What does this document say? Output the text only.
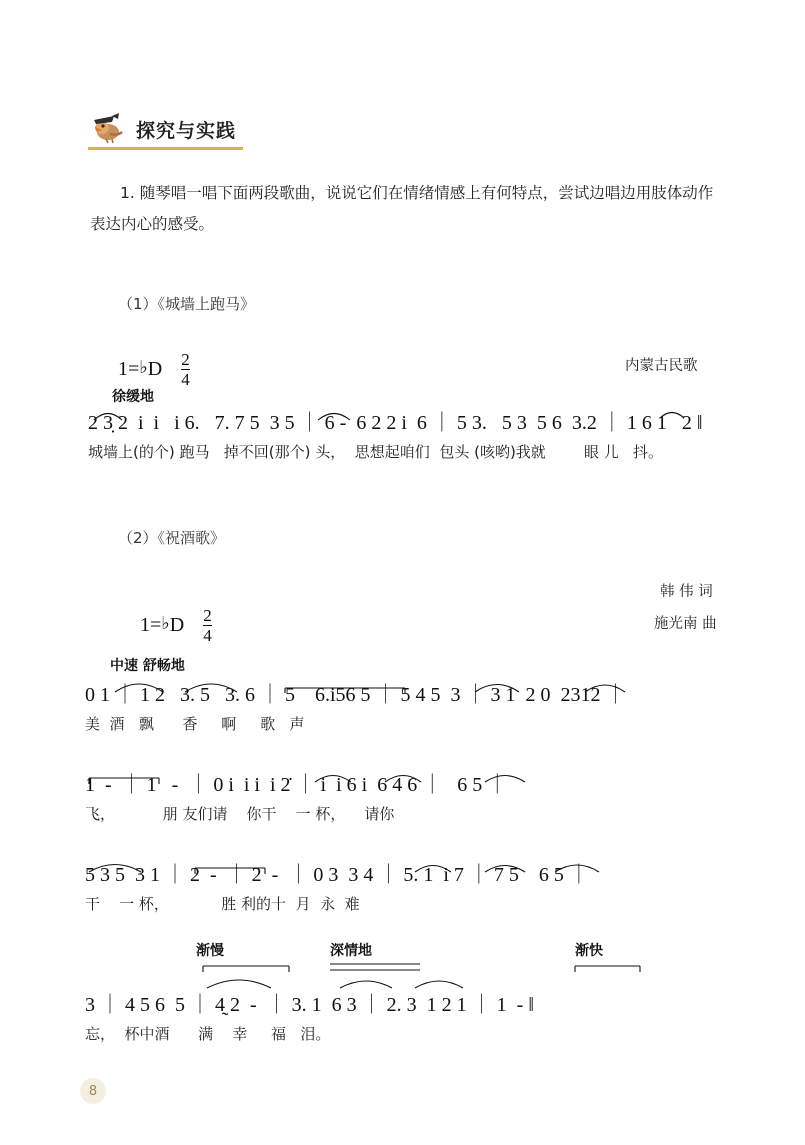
探究与实践
1. 随琴唱一唱下面两段歌曲，说说它们在情绪情感上有何特点，尝试边唱边用肢体动作表达内心的感受。
（1）《城墙上跑马》
1=♭D $\frac{2}{4}$	内蒙古民歌
徐缓地
2 3̣ 2  i  i   i 6.   7. 7 5  3 5 ｜ 6 -  6 2 2 i  6 ｜ 5 3.   5 3  5 6  3.2 ｜ 1 6 1   2 ‖
城墙上(的个) 跑马   掉不回(那个) 头，  思想起咱们  包头 (咳哟)我就        眼 儿   抖。
（2）《祝酒歌》
1=♭D $\frac{2}{4}$
韩 伟 词
施光南 曲
中速 舒畅地
0 1 ｜ 1 2   3. 5   3. 6 ｜ 5    6.i56 5 ｜ 5 4 5  3 ｜ 3 1  2 0  2312 ｜
美  酒   飘      香     啊     歌   声
1  -  ｜ 1   -  ｜ 0 i  i i  i 2̇ ｜ i  i 6 i  6 4 6 ｜   6 5 ｜
飞，          朋 友们请    你干    一 杯，    请你
5 3 5  3 1 ｜ 2  -  ｜ 2  -  ｜ 0 3  3 4 ｜ 5. 1  i 7 ｜ 7 5    6 5 ｜
干    一 杯，           胜 利的十  月  永  难
渐慢	深情地	渐快
3 ｜ 4 5 6  5 ｜ 4̰ 2  -  ｜ 3. 1  6 3 ｜ 2. 3  1 2 1 ｜ 1  - ‖
忘，  杯中酒      满    幸     福   泪。
8
